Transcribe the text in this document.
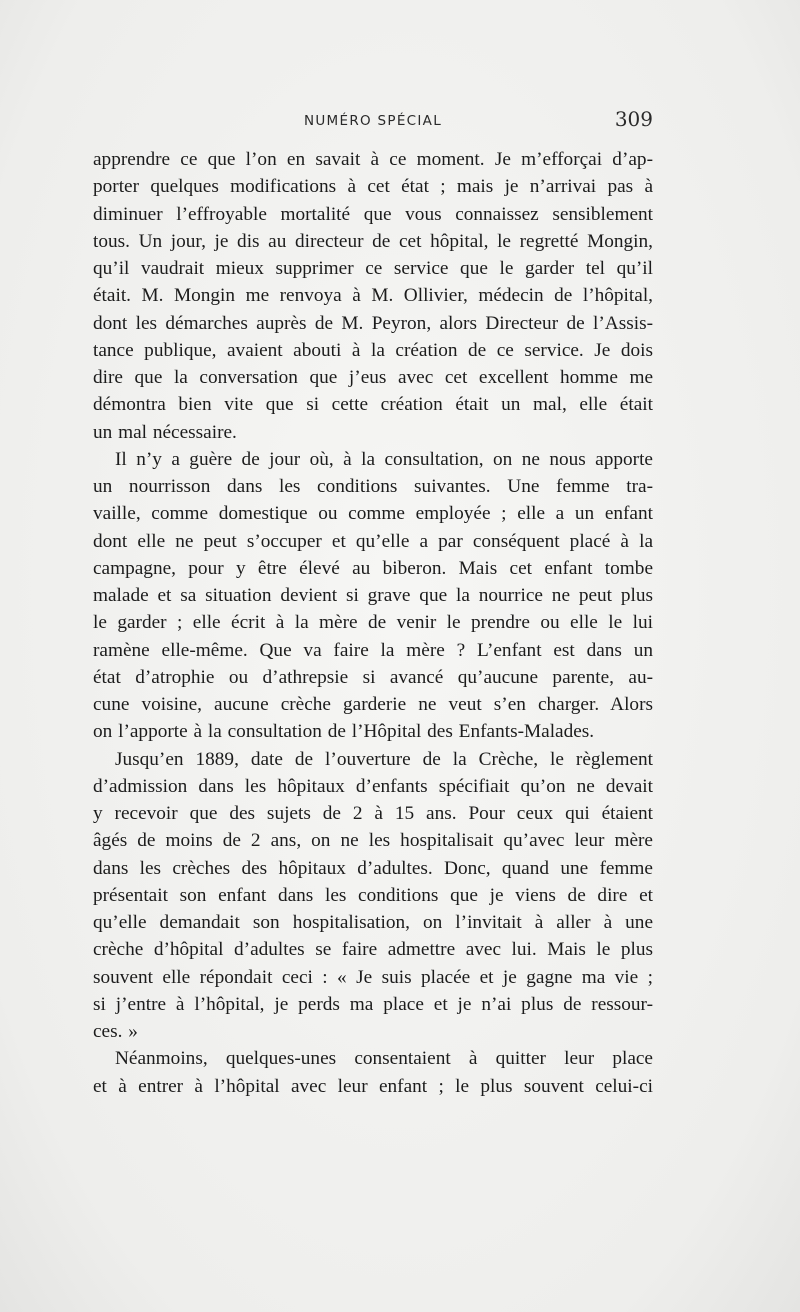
NUMÉRO SPÉCIAL	309
apprendre ce que l’on en savait à ce moment. Je m’efforçai d’ap-
porter quelques modifications à cet état ; mais je n’arrivai pas à
diminuer l’effroyable mortalité que vous connaissez sensiblement
tous. Un jour, je dis au directeur de cet hôpital, le regretté Mongin,
qu’il vaudrait mieux supprimer ce service que le garder tel qu’il
était. M. Mongin me renvoya à M. Ollivier, médecin de l’hôpital,
dont les démarches auprès de M. Peyron, alors Directeur de l’Assis-
tance publique, avaient abouti à la création de ce service. Je dois
dire que la conversation que j’eus avec cet excellent homme me
démontra bien vite que si cette création était un mal, elle était
un mal nécessaire.
Il n’y a guère de jour où, à la consultation, on ne nous apporte
un nourrisson dans les conditions suivantes. Une femme tra-
vaille, comme domestique ou comme employée ; elle a un enfant
dont elle ne peut s’occuper et qu’elle a par conséquent placé à la
campagne, pour y être élevé au biberon. Mais cet enfant tombe
malade et sa situation devient si grave que la nourrice ne peut plus
le garder ; elle écrit à la mère de venir le prendre ou elle le lui
ramène elle-même. Que va faire la mère ? L’enfant est dans un
état d’atrophie ou d’athrepsie si avancé qu’aucune parente, au-
cune voisine, aucune crèche garderie ne veut s’en charger. Alors
on l’apporte à la consultation de l’Hôpital des Enfants-Malades.
Jusqu’en 1889, date de l’ouverture de la Crèche, le règlement
d’admission dans les hôpitaux d’enfants spécifiait qu’on ne devait
y recevoir que des sujets de 2 à 15 ans. Pour ceux qui étaient
âgés de moins de 2 ans, on ne les hospitalisait qu’avec leur mère
dans les crèches des hôpitaux d’adultes. Donc, quand une femme
présentait son enfant dans les conditions que je viens de dire et
qu’elle demandait son hospitalisation, on l’invitait à aller à une
crèche d’hôpital d’adultes se faire admettre avec lui. Mais le plus
souvent elle répondait ceci : « Je suis placée et je gagne ma vie ;
si j’entre à l’hôpital, je perds ma place et je n’ai plus de ressour-
ces. »
Néanmoins, quelques-unes consentaient à quitter leur place
et à entrer à l’hôpital avec leur enfant ; le plus souvent celui-ci
